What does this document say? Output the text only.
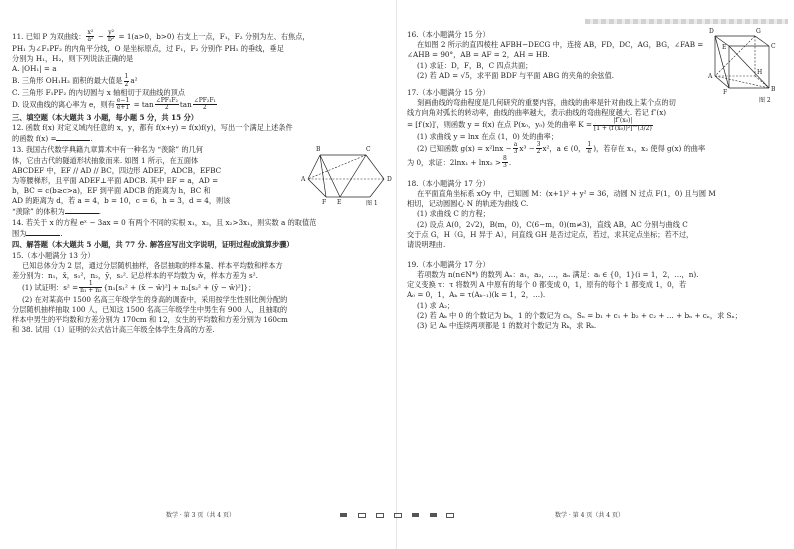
11. 已知 P 为双曲线： $\frac{\text{x²}}{\text{a²}} - \frac{\text{y²}}{\text{b²}} = 1(a>0$，b>0) 右支上一点，F₁，F₂ 分别为左、右焦点，

PH₁ 为∠F₁PF₂ 的内角平分线，O 是坐标原点，过 F₁，F₂ 分别作 PH₁ 的垂线，垂足

分别为 H₁，H₂，则下列说法正确的是

A. |OH₁| = a

B. 三角形 OH₁H₂ 面积的最大值是 $\frac{1}{2} a^2$

C. 三角形 F₁PF₂ 的内切圆与 x 轴相切于双曲线的顶点

D. 设双曲线的离心率为 e，则有 $\frac{e-1}{e+1} = \tan \frac{\text{∠PF₁F₂}}{2}$ $\tan \frac{\text{∠PF₂F₁}}{2}$

三、填空题（本大题共 3 小题，每小题 5 分，共 15 分）

12. 函数 f(x) 对定义域内任意的 x，y，都有 f(x+y) = f(x)f(y)，写出一个满足上述条件

的函数 f(x) =	.

13. 我国古代数学典籍九章算术中有一种名为 “羡除” 的几何

体，它由古代的隧道形状抽象而来. 如图 1 所示，在五面体

ABCDEF 中，EF // AD // BC，四边形 ADEF，ADCB，EFBC

为等腰梯形，且平面 ADEF⊥平面 ADCB. 其中 EF = a，AD =

b，BC = c(b≥c>a)，EF 到平面 ADCB 的距离为 h，BC 和

AD 的距离为 d，若 a = 4，b = 10，c = 6，h = 3，d = 4，则该

“羡除” 的体积为	.

B	C
A	D
F E	图 1

14. 若关于 x 的方程 eˣ − 3ax = 0 有两个不同的实根 x₁，x₂，且 x₂>3x₁，则实数 a 的取值范

围为	.

四、解答题（本大题共 5 小题，共 77 分. 解答应写出文字说明，证明过程或演算步骤）

15.（本小题满分 13 分）

已知总体分为 2 层，通过分层随机抽样，各层抽取的样本量、样本平均数和样本方

差分别为：n₁，x̄，s₁²，n₂，ȳ，s₂². 记总样本的平均数为 w̄，样本方差为 s².

(1) 试证明：$s^2 = \frac{1}{\text{n₁ + n₂}} \{n_1[s_1^2$ + (x̄ − w̄)²] + n₂[s₂² + (ȳ − w̄)²]}；

(2) 在对某高中 1500 名高三年级学生的身高的调查中，采用按学生性别比例分配的

分层随机抽样抽取 100 人，已知这 1500 名高三年级学生中男生有 900 人，且抽取的

样本中男生的平均数和方差分别为 170cm 和 12，女生的平均数和方差分别为 160cm

和 38. 试用（1）证明的公式估计高三年级全体学生身高的方差.

数学 · 第 3 页（共 4 页）

16.（本小题满分 15 分）

在如图 2 所示的直四棱柱 AFBH−DECG 中，连接 AB，FD，DC，AG，BG，∠FAB =

∠AHB = 90°，AB = AF = 2，AH = HB.

(1) 求证：D，F，B，C 四点共面；

(2) 若 AD = √5，求平面 BDF 与平面 ABG 的夹角的余弦值.

D	G
E	C
A
H
F	B
图 2

17.（本小题满分 15 分）

刻画曲线的弯曲程度是几何研究的重要内容，曲线的曲率是针对曲线上某个点的切

线方向角对弧长的转动率，曲线的曲率越大，表示曲线的弯曲程度越大. 若记 f″(x)

= [f′(x)]′，则函数 y = f(x) 在点 P(x₀，y₀) 处的曲率 $K = \frac{\text{|f″(x₀)|}}{\text{[1 + (f′(x₀))²]\textasciicircum{}(3/2)}}$

(1) 求曲线 y = lnx 在点 (1，0) 处的曲率；

(2) 已知函数 $g(x) = x^2\ln x - \frac{a}{3} x^3 - \frac{3}{2} x^2$，a ∈ (0， $\frac{1}{e}$ )，若存在 x₁，x₂ 使得 g(x) 的曲率

为 0，求证：$2\ln x_1 + \ln x_2 > \frac{8}{3}$ .

18.（本小题满分 17 分）

在平面直角坐标系 xOy 中，已知圆 M：(x+1)² + y² = 36，动圆 N 过点 F(1，0) 且与圆 M

相切，记动圆圆心 N 的轨迹为曲线 C.

(1) 求曲线 C 的方程；

(2) 设点 A(0，2√2)，B(m，0)，C(6−m，0)(m≠3)，直线 AB，AC 分别与曲线 C

交于点 G，H（G，H 异于 A），问直线 GH 是否过定点，若过，求其定点坐标；若不过，

请说明理由.

19.（本小题满分 17 分）

若项数为 n(n∈N*) 的数列 Aₙ：a₁，a₂，…，aₙ 满足：aᵢ ∈ {0，1}(i = 1，2，…，n).

定义变换 τ：τ 将数列 A 中原有的每个 0 都变成 0，1，原有的每个 1 都变成 1，0，若

A₀ = 0，1，Aₖ = τ(Aₖ₋₁)(k = 1，2，…).

(1) 求 A₂；

(2) 若 Aₖ 中 0 的个数记为 bₖ，1 的个数记为 cₖ，Sₙ = b₁ + c₁ + b₂ + c₂ + … + bₙ + cₙ，求 Sₙ；

(3) 记 Aₖ 中连续两项都是 1 的数对个数记为 Rₖ，求 Rₖ.

数学 · 第 4 页（共 4 页）
